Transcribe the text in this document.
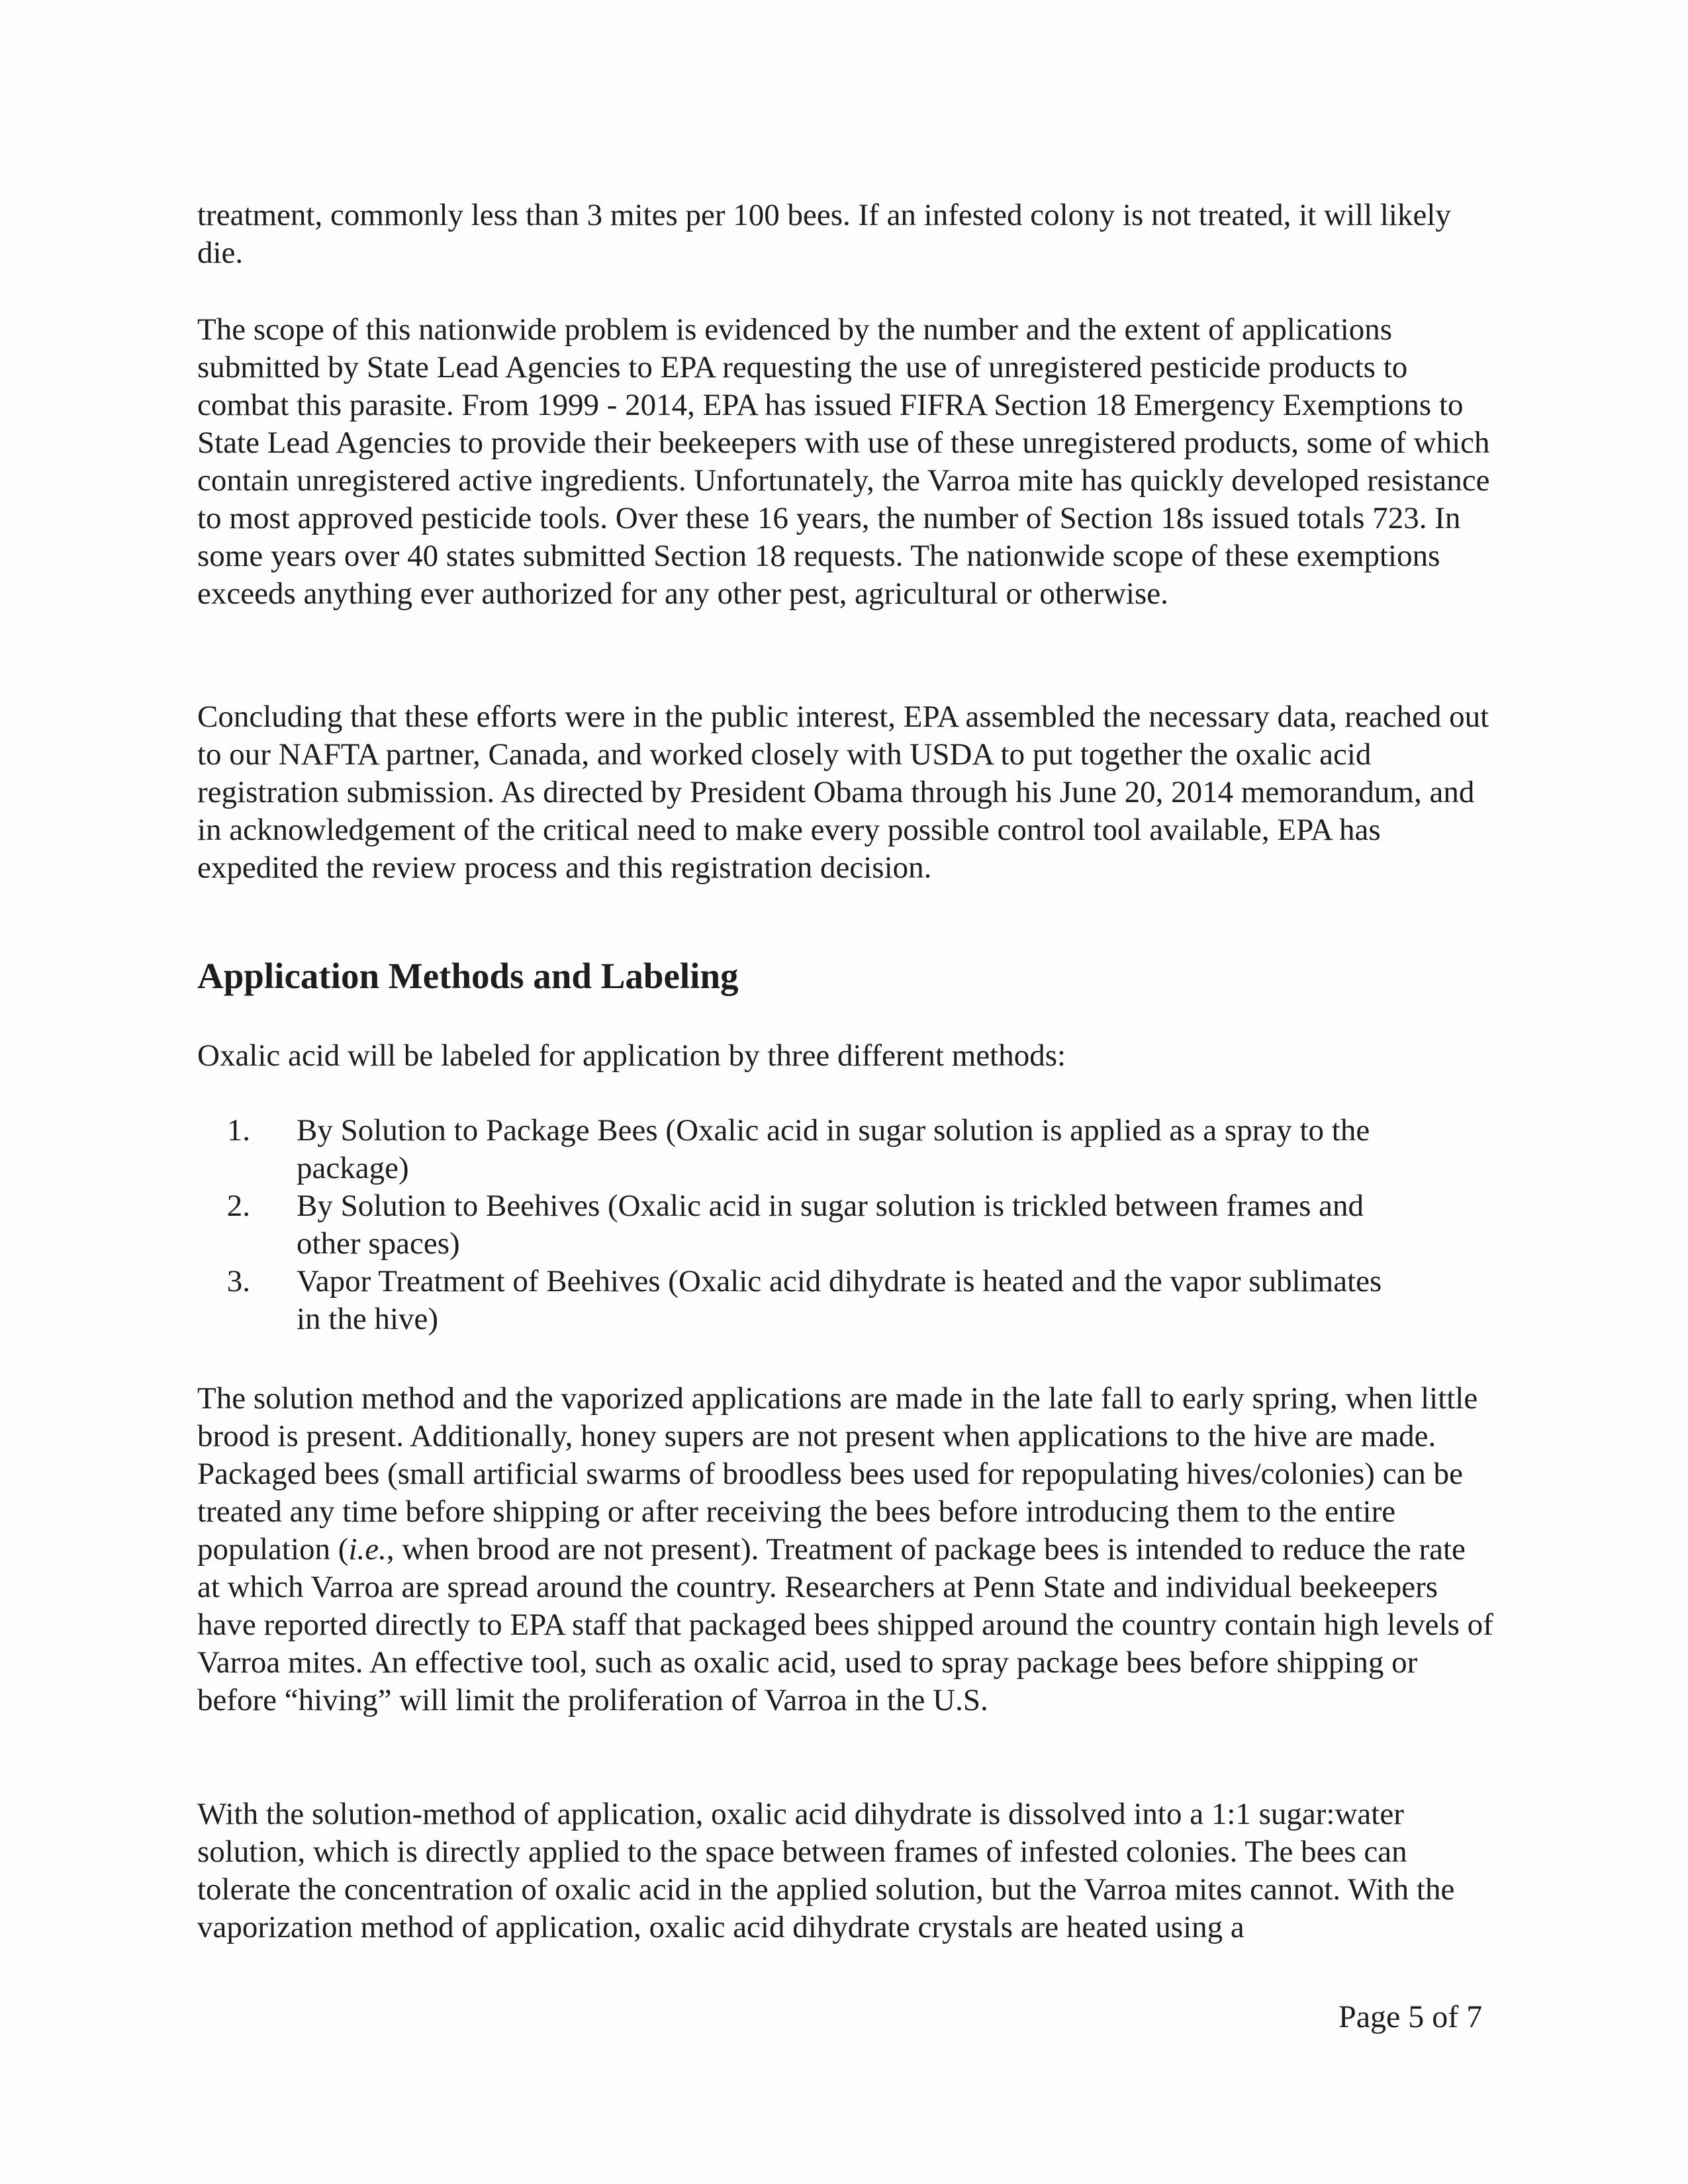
treatment, commonly less than 3 mites per 100 bees. If an infested colony is not treated, it will likely die.

The scope of this nationwide problem is evidenced by the number and the extent of applications submitted by State Lead Agencies to EPA requesting the use of unregistered pesticide products to combat this parasite. From 1999 - 2014, EPA has issued FIFRA Section 18 Emergency Exemptions to State Lead Agencies to provide their beekeepers with use of these unregistered products, some of which contain unregistered active ingredients. Unfortunately, the Varroa mite has quickly developed resistance to most approved pesticide tools. Over these 16 years, the number of Section 18s issued totals 723. In some years over 40 states submitted Section 18 requests. The nationwide scope of these exemptions exceeds anything ever authorized for any other pest, agricultural or otherwise.

Concluding that these efforts were in the public interest, EPA assembled the necessary data, reached out to our NAFTA partner, Canada, and worked closely with USDA to put together the oxalic acid registration submission. As directed by President Obama through his June 20, 2014 memorandum, and in acknowledgement of the critical need to make every possible control tool available, EPA has expedited the review process and this registration decision.

Application Methods and Labeling

Oxalic acid will be labeled for application by three different methods:

1.	By Solution to Package Bees (Oxalic acid in sugar solution is applied as a spray to the package)
2.	By Solution to Beehives (Oxalic acid in sugar solution is trickled between frames and other spaces)
3.	Vapor Treatment of Beehives (Oxalic acid dihydrate is heated and the vapor sublimates in the hive)

The solution method and the vaporized applications are made in the late fall to early spring, when little brood is present. Additionally, honey supers are not present when applications to the hive are made. Packaged bees (small artificial swarms of broodless bees used for repopulating hives/colonies) can be treated any time before shipping or after receiving the bees before introducing them to the entire population (i.e., when brood are not present). Treatment of package bees is intended to reduce the rate at which Varroa are spread around the country. Researchers at Penn State and individual beekeepers have reported directly to EPA staff that packaged bees shipped around the country contain high levels of Varroa mites. An effective tool, such as oxalic acid, used to spray package bees before shipping or before “hiving” will limit the proliferation of Varroa in the U.S.

With the solution-method of application, oxalic acid dihydrate is dissolved into a 1:1 sugar:water solution, which is directly applied to the space between frames of infested colonies. The bees can tolerate the concentration of oxalic acid in the applied solution, but the Varroa mites cannot. With the vaporization method of application, oxalic acid dihydrate crystals are heated using a

Page 5 of 7
